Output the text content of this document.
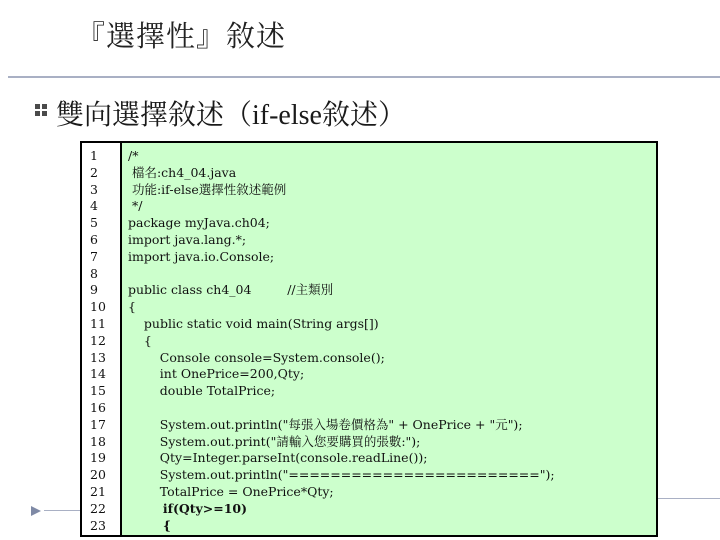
『選擇性』敘述
雙向選擇敘述（if-else敘述）
1
2
3
4
5
6
7
8
9
10
11
12
13
14
15
16
17
18
19
20
21
22
23
/*
檔名:ch4_04.java
功能:if-else選擇性敘述範例
*/
package myJava.ch04;
import java.lang.*;
import java.io.Console;
public class ch4_04         //主類別
{
public static void main(String args[])
{
Console console=System.console();
int OnePrice=200,Qty;
double TotalPrice;
System.out.println("每張入場卷價格為" + OnePrice + "元");
System.out.print("請輸入您要購買的張數:");
Qty=Integer.parseInt(console.readLine());
System.out.println("========================");
TotalPrice = OnePrice*Qty;
if(Qty>=10)
{
